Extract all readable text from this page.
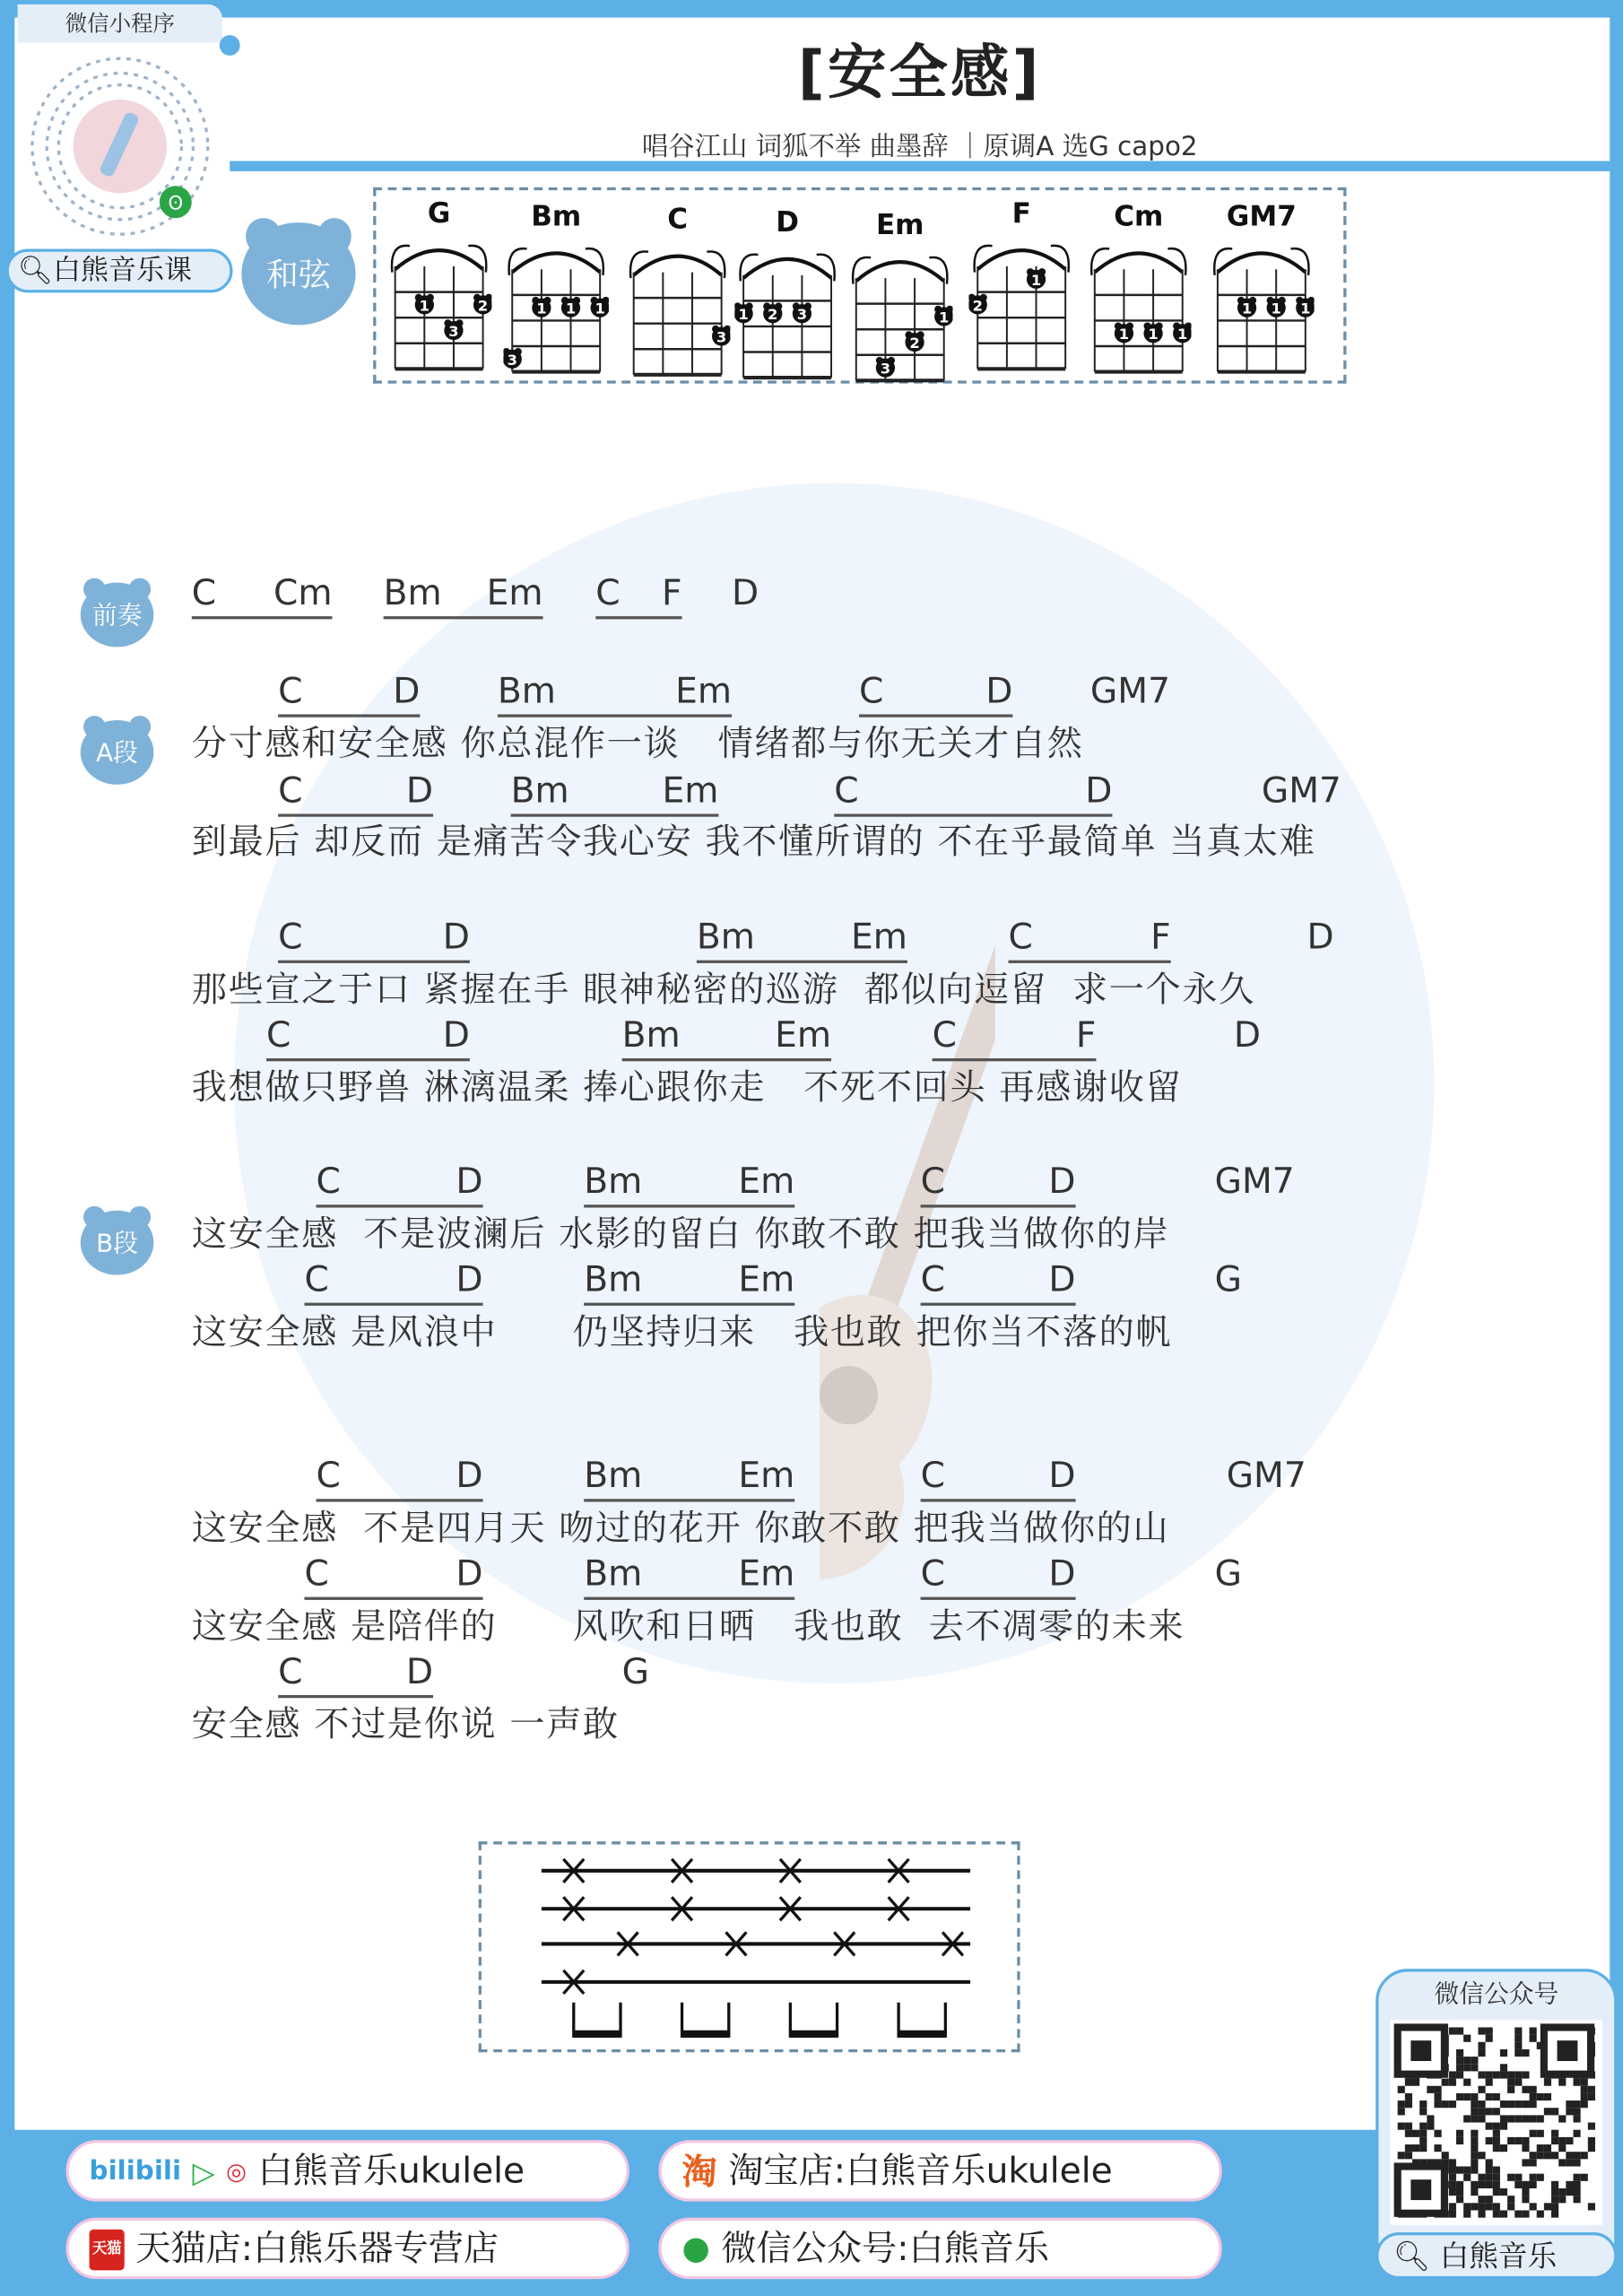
[安全感]
唱谷江山 词狐不举 曲墨辞 ｜原调A 选G capo2
微信小程序
ʘ
🔍︎白熊音乐课	和弦
G
1	2
3
Bm
1 1 1
3
C
3
D
1 2 3
Em
1
2
3
F
1
2
Cm
1 1 1
GM7
1 1 1
前奏
A段
B段
C	Cm Bm Em C F D
C	D	Bm	Em	C	D	GM7
分寸感和安全感 你总混作一谈   情绪都与你无关才自然
C	D	Bm	Em	C	D	GM7
到最后 却反而 是痛苦令我心安 我不懂所谓的 不在乎最简单 当真太难
C	D	Bm	Em	C	F	D
那些宣之于口 紧握在手 眼神秘密的巡游  都似向逗留  求一个永久
C	D	Bm	Em	C	F	D
我想做只野兽 淋漓温柔 捧心跟你走   不死不回头 再感谢收留
C	D	Bm	Em	C	D	GM7
这安全感  不是波澜后 水影的留白 你敢不敢 把我当做你的岸
C	D	Bm	Em	C	D	G
这安全感 是风浪中      仍坚持归来   我也敢 把你当不落的帆
C	D	Bm	Em	C	D	GM7
这安全感  不是四月天 吻过的花开 你敢不敢 把我当做你的山
C	D	Bm	Em	C	D	G
这安全感 是陪伴的      风吹和日晒   我也敢  去不凋零的未来
C	D	G
安全感 不过是你说 一声敢
bilibili ▷ ◎ 白熊音乐ukulele	淘 淘宝店:白熊音乐ukulele
天猫 天猫店:白熊乐器专营店	● 微信公众号:白熊音乐
微信公众号
🔍︎ 白熊音乐
